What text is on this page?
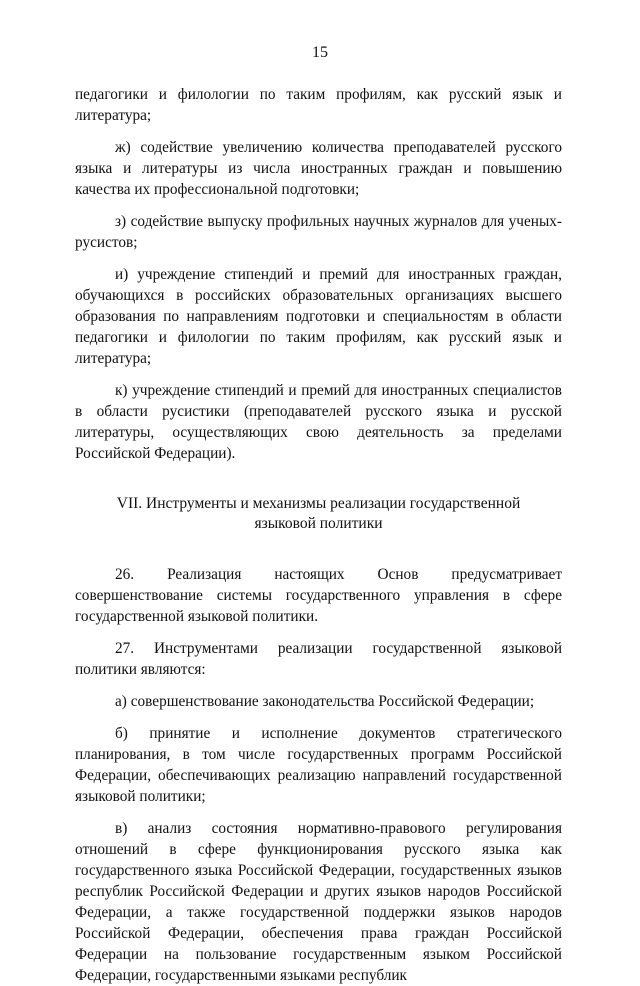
15

педагогики и филологии по таким профилям, как русский язык и литература;

ж) содействие увеличению количества преподавателей русского языка и литературы из числа иностранных граждан и повышению качества их профессиональной подготовки;

з) содействие выпуску профильных научных журналов для ученых-русистов;

и) учреждение стипендий и премий для иностранных граждан, обучающихся в российских образовательных организациях высшего образования по направлениям подготовки и специальностям в области педагогики и филологии по таким профилям, как русский язык и литература;

к) учреждение стипендий и премий для иностранных специалистов в области русистики (преподавателей русского языка и русской литературы, осуществляющих свою деятельность за пределами Российской Федерации).

VII. Инструменты и механизмы реализации государственной
языковой политики

26. Реализация настоящих Основ предусматривает совершенствование системы государственного управления в сфере государственной языковой политики.

27. Инструментами реализации государственной языковой политики являются:

а) совершенствование законодательства Российской Федерации;

б) принятие и исполнение документов стратегического планирования, в том числе государственных программ Российской Федерации, обеспечивающих реализацию направлений государственной языковой политики;

в) анализ состояния нормативно-правового регулирования отношений в сфере функционирования русского языка как государственного языка Российской Федерации, государственных языков республик Российской Федерации и других языков народов Российской Федерации, а также государственной поддержки языков народов Российской Федерации, обеспечения права граждан Российской Федерации на пользование государственным языком Российской Федерации, государственными языками республик
